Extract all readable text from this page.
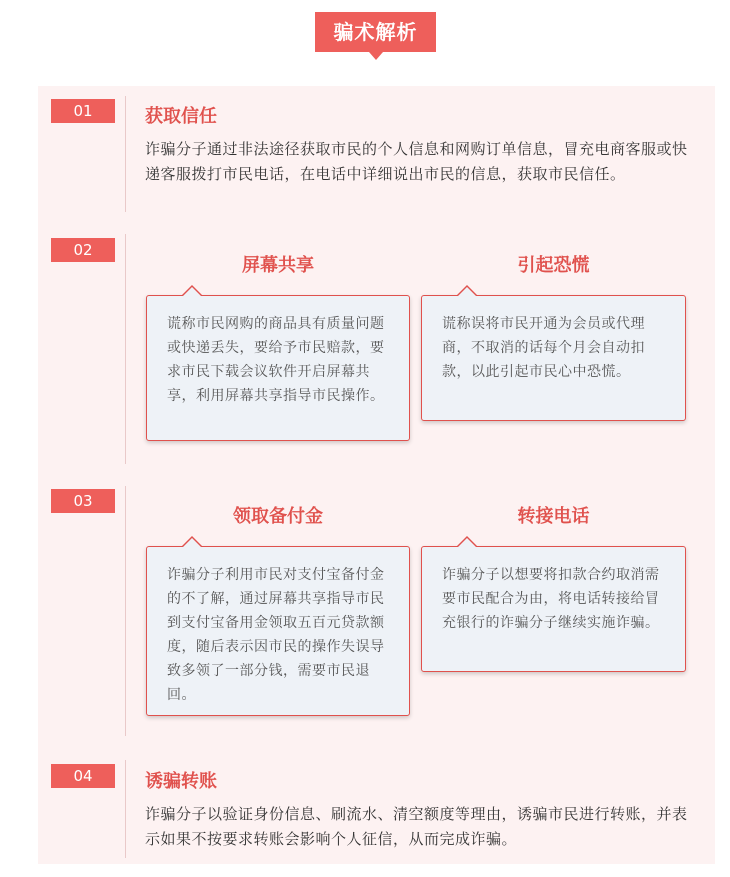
骗术解析
01	获取信任
诈骗分子通过非法途径获取市民的个人信息和网购订单信息，冒充电商客服或快递客服拨打市民电话，在电话中详细说出市民的信息，获取市民信任。
02
屏幕共享
谎称市民网购的商品具有质量问题或快递丢失，要给予市民赔款，要求市民下载会议软件开启屏幕共享，利用屏幕共享指导市民操作。
引起恐慌
谎称误将市民开通为会员或代理商，不取消的话每个月会自动扣款，以此引起市民心中恐慌。
03
领取备付金
诈骗分子利用市民对支付宝备付金的不了解，通过屏幕共享指导市民到支付宝备用金领取五百元贷款额度，随后表示因市民的操作失误导致多领了一部分钱，需要市民退回。
转接电话
诈骗分子以想要将扣款合约取消需要市民配合为由，将电话转接给冒充银行的诈骗分子继续实施诈骗。
04	诱骗转账
诈骗分子以验证身份信息、刷流水、清空额度等理由，诱骗市民进行转账，并表示如果不按要求转账会影响个人征信，从而完成诈骗。
